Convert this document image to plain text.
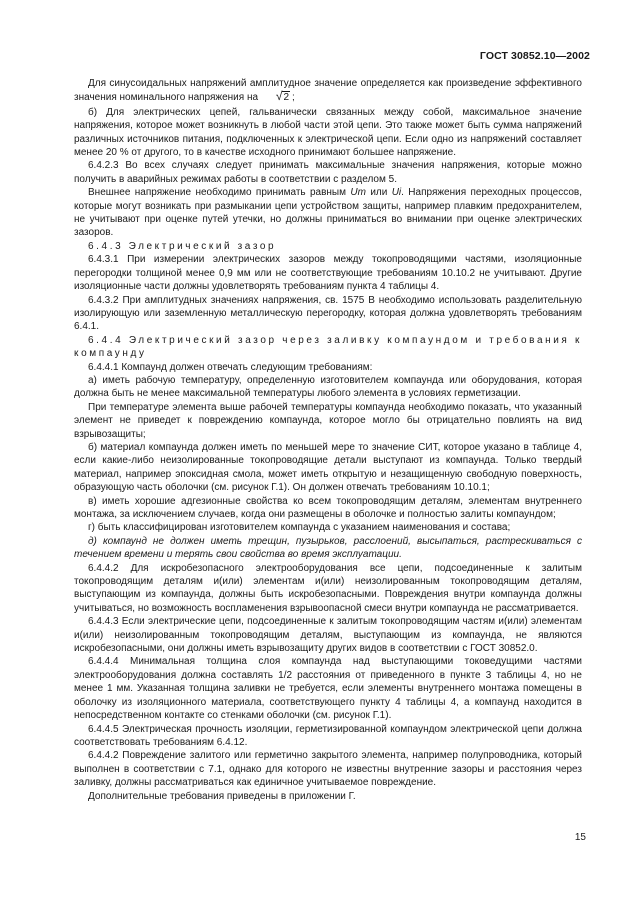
ГОСТ 30852.10—2002

Для синусоидальных напряжений амплитудное значение определяется как произведение эффективного значения номинального напряжения на √2 ;

б) Для электрических цепей, гальванически связанных между собой, максимальное значение напряжения, которое может возникнуть в любой части этой цепи. Это также может быть сумма напряжений различных источников питания, подключенных к электрической цепи. Если одно из напряжений составляет менее 20 % от другого, то в качестве исходного принимают большее напряжение.

6.4.2.3 Во всех случаях следует принимать максимальные значения напряжения, которые можно получить в аварийных режимах работы в соответствии с разделом 5.

Внешнее напряжение необходимо принимать равным Um или Ui. Напряжения переходных процессов, которые могут возникать при размыкании цепи устройством защиты, например плавким предохранителем, не учитывают при оценке путей утечки, но должны приниматься во внимании при оценке электрических зазоров.

6.4.3 Электрический зазор

6.4.3.1 При измерении электрических зазоров между токопроводящими частями, изоляционные перегородки толщиной менее 0,9 мм или не соответствующие требованиям 10.10.2 не учитывают. Другие изоляционные части должны удовлетворять требованиям пункта 4 таблицы 4.

6.4.3.2 При амплитудных значениях напряжения, св. 1575 В необходимо использовать разделительную изолирующую или заземленную металлическую перегородку, которая должна удовлетворять требованиям 6.4.1.

6.4.4 Электрический зазор через заливку компаундом и требования к компаунду

6.4.4.1 Компаунд должен отвечать следующим требованиям:

а) иметь рабочую температуру, определенную изготовителем компаунда или оборудования, которая должна быть не менее максимальной температуры любого элемента в условиях герметизации.

При температуре элемента выше рабочей температуры компаунда необходимо показать, что указанный элемент не приведет к повреждению компаунда, которое могло бы отрицательно повлиять на вид взрывозащиты;

б) материал компаунда должен иметь по меньшей мере то значение СИТ, которое указано в таблице 4, если какие-либо неизолированные токопроводящие детали выступают из компаунда. Только твердый материал, например эпоксидная смола, может иметь открытую и незащищенную свободную поверхность, образующую часть оболочки (см. рисунок Г.1). Он должен отвечать требованиям 10.10.1;

в) иметь хорошие адгезионные свойства ко всем токопроводящим деталям, элементам внутреннего монтажа, за исключением случаев, когда они размещены в оболочке и полностью залиты компаундом;

г) быть классифицирован изготовителем компаунда с указанием наименования и состава;

д) компаунд не должен иметь трещин, пузырьков, расслоений, высыпаться, растрескиваться с течением времени и терять свои свойства во время эксплуатации.

6.4.4.2 Для искробезопасного электрооборудования все цепи, подсоединенные к залитым токопроводящим деталям и(или) элементам и(или) неизолированным токопроводящим деталям, выступающим из компаунда, должны быть искробезопасными. Повреждения внутри компаунда должны учитываться, но возможность воспламенения взрывоопасной смеси внутри компаунда не рассматривается.

6.4.4.3 Если электрические цепи, подсоединенные к залитым токопроводящим частям и(или) элементам и(или) неизолированным токопроводящим деталям, выступающим из компаунда, не являются искробезопасными, они должны иметь взрывозащиту других видов в соответствии с ГОСТ 30852.0.

6.4.4.4 Минимальная толщина слоя компаунда над выступающими токоведущими частями электрооборудования должна составлять 1/2 расстояния от приведенного в пункте 3 таблицы 4, но не менее 1 мм. Указанная толщина заливки не требуется, если элементы внутреннего монтажа помещены в оболочку из изоляционного материала, соответствующего пункту 4 таблицы 4, а компаунд находится в непосредственном контакте со стенками оболочки (см. рисунок Г.1).

6.4.4.5 Электрическая прочность изоляции, герметизированной компаундом электрической цепи должна соответствовать требованиям 6.4.12.

6.4.4.2 Повреждение залитого или герметично закрытого элемента, например полупроводника, который выполнен в соответствии с 7.1, однако для которого не известны внутренние зазоры и расстояния через заливку, должны рассматриваться как единичное учитываемое повреждение.

Дополнительные требования приведены в приложении Г.

15
